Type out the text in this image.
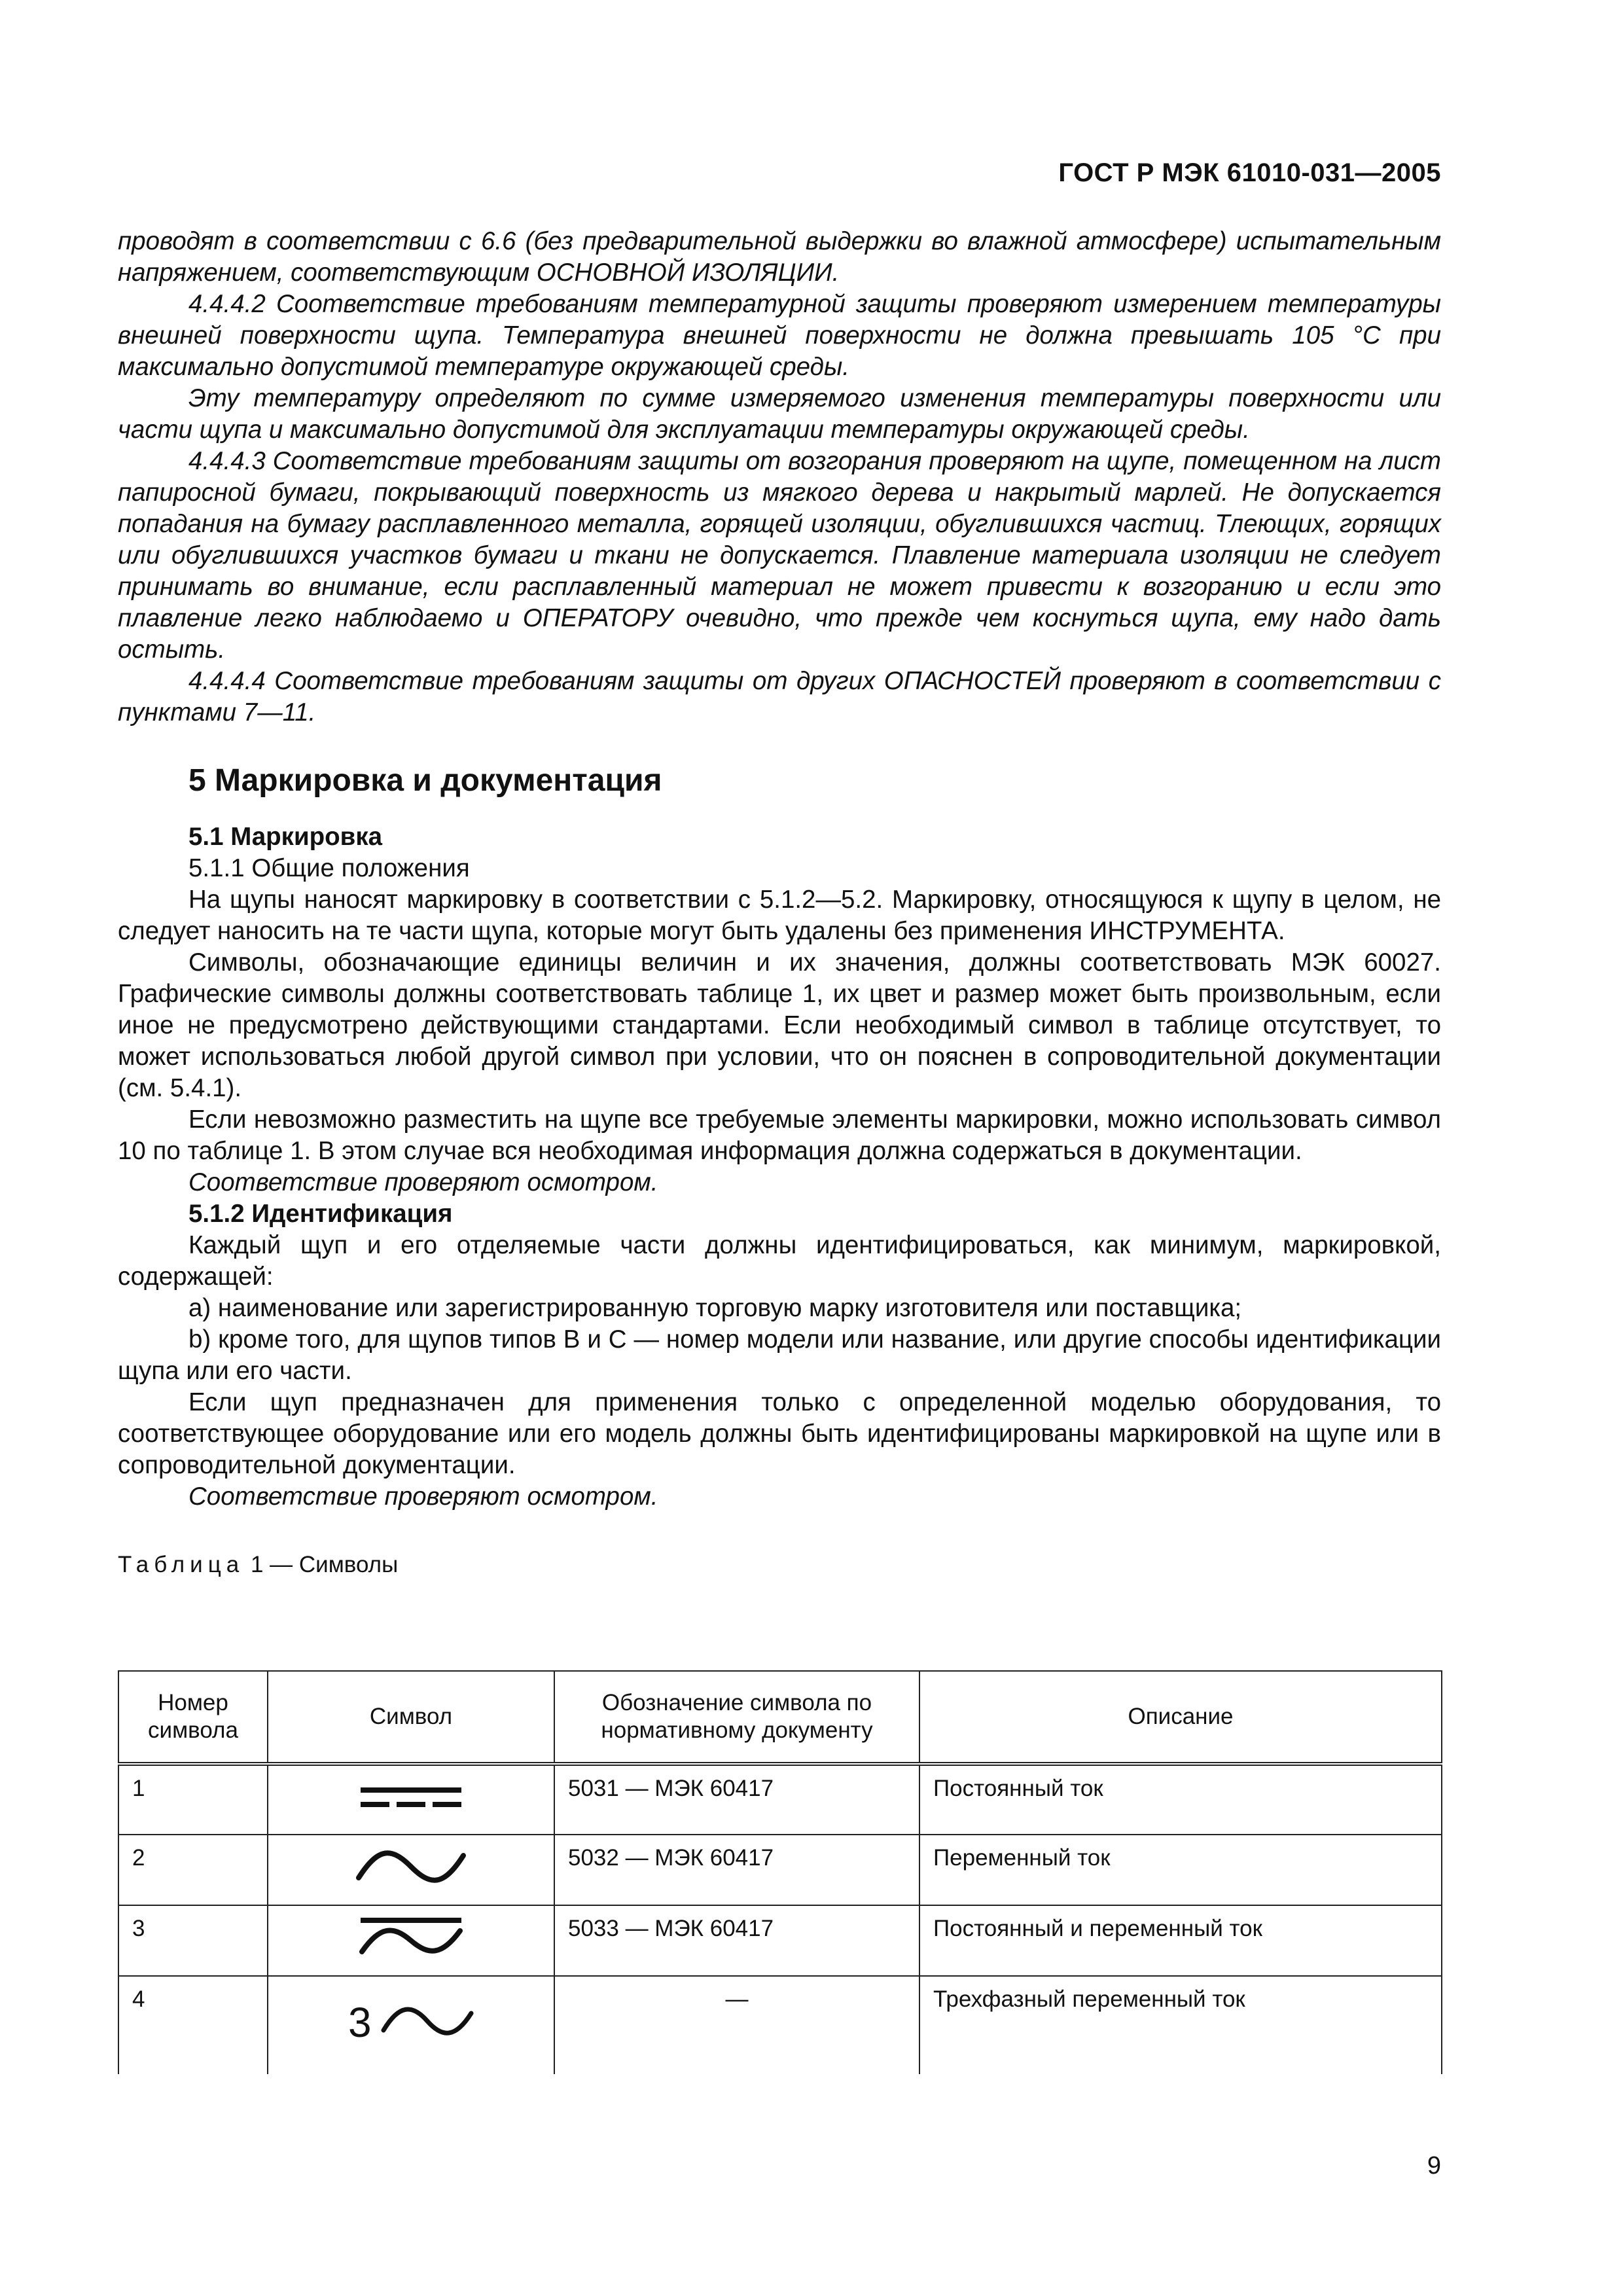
ГОСТ Р МЭК 61010-031—2005

проводят в соответствии с 6.6 (без предварительной выдержки во влажной атмосфере) испытательным напряжением, соответствующим ОСНОВНОЙ ИЗОЛЯЦИИ.

4.4.4.2 Соответствие требованиям температурной защиты проверяют измерением температуры внешней поверхности щупа. Температура внешней поверхности не должна превышать 105 °С при максимально допустимой температуре окружающей среды.

Эту температуру определяют по сумме измеряемого изменения температуры поверхности или части щупа и максимально допустимой для эксплуатации температуры окружающей среды.

4.4.4.3 Соответствие требованиям защиты от возгорания проверяют на щупе, помещенном на лист папиросной бумаги, покрывающий поверхность из мягкого дерева и накрытый марлей. Не допускается попадания на бумагу расплавленного металла, горящей изоляции, обуглившихся частиц. Тлеющих, горящих или обуглившихся участков бумаги и ткани не допускается. Плавление материала изоляции не следует принимать во внимание, если расплавленный материал не может привести к возгоранию и если это плавление легко наблюдаемо и ОПЕРАТОРУ очевидно, что прежде чем коснуться щупа, ему надо дать остыть.

4.4.4.4 Соответствие требованиям защиты от других ОПАСНОСТЕЙ проверяют в соответствии с пунктами 7—11.

5 Маркировка и документация

5.1 Маркировка

5.1.1 Общие положения

На щупы наносят маркировку в соответствии с 5.1.2—5.2. Маркировку, относящуюся к щупу в целом, не следует наносить на те части щупа, которые могут быть удалены без применения ИНСТРУМЕНТА.

Символы, обозначающие единицы величин и их значения, должны соответствовать МЭК 60027. Графические символы должны соответствовать таблице 1, их цвет и размер может быть произвольным, если иное не предусмотрено действующими стандартами. Если необходимый символ в таблице отсутствует, то может использоваться любой другой символ при условии, что он пояснен в сопроводительной документации (см. 5.4.1).

Если невозможно разместить на щупе все требуемые элементы маркировки, можно использовать символ 10 по таблице 1. В этом случае вся необходимая информация должна содержаться в документации.

Соответствие проверяют осмотром.

5.1.2 Идентификация

Каждый щуп и его отделяемые части должны идентифицироваться, как минимум, маркировкой, содержащей:

a) наименование или зарегистрированную торговую марку изготовителя или поставщика;

b) кроме того, для щупов типов В и С — номер модели или название, или другие способы идентификации щупа или его части.

Если щуп предназначен для применения только с определенной моделью оборудования, то соответствующее оборудование или его модель должны быть идентифицированы маркировкой на щупе или в сопроводительной документации.

Соответствие проверяют осмотром.

Таблица 1 — Символы

Номер символа	Символ	Обозначение символа по нормативному документу	Описание
1		5031 — МЭК 60417	Постоянный ток
2		5032 — МЭК 60417	Переменный ток
3		5033 — МЭК 60417	Постоянный и переменный ток
4	3	—	Трехфазный переменный ток
9
